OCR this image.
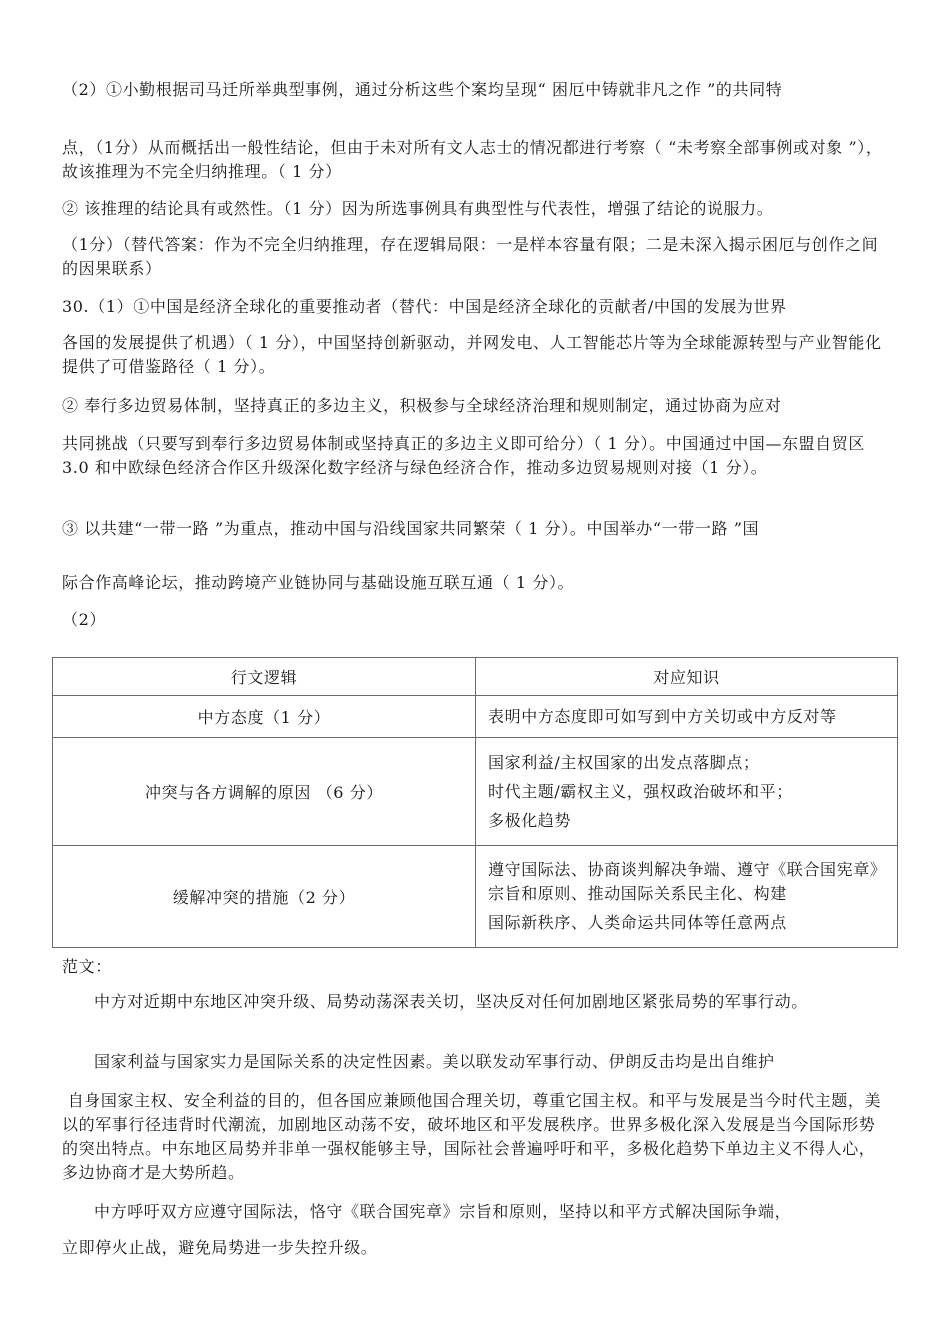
（2）①小勤根据司马迁所举典型事例，通过分析这些个案均呈现“ 困厄中铸就非凡之作 ”的共同特

点，（1分）从而概括出一般性结论，但由于未对所有文人志士的情况都进行考察（ “未考察全部事例或对象 ”），故该推理为不完全归纳推理。（ 1 分）

② 该推理的结论具有或然性。（1 分）因为所选事例具有典型性与代表性，增强了结论的说服力。

（1分）（替代答案：作为不完全归纳推理，存在逻辑局限：一是样本容量有限；二是未深入揭示困厄与创作之间的因果联系）

30.（1）①中国是经济全球化的重要推动者（替代：中国是经济全球化的贡献者/中国的发展为世界

各国的发展提供了机遇）（ 1 分），中国坚持创新驱动，并网发电、人工智能芯片等为全球能源转型与产业智能化提供了可借鉴路径（ 1 分）。

② 奉行多边贸易体制，坚持真正的多边主义，积极参与全球经济治理和规则制定，通过协商为应对

共同挑战（只要写到奉行多边贸易体制或坚持真正的多边主义即可给分）（ 1 分）。中国通过中国—东盟自贸区 3.0 和中欧绿色经济合作区升级深化数字经济与绿色经济合作，推动多边贸易规则对接（1 分）。

③ 以共建“一带一路 ”为重点，推动中国与沿线国家共同繁荣（ 1 分）。中国举办“一带一路 ”国

际合作高峰论坛，推动跨境产业链协同与基础设施互联互通（ 1 分）。

（2）

行文逻辑	对应知识
中方态度（1 分）	表明中方态度即可如写到中方关切或中方反对等

冲突与各方调解的原因 （6 分）	国家利益/主权国家的出发点落脚点；
时代主题/霸权主义，强权政治破坏和平；
多极化趋势

缓解冲突的措施（2 分）	遵守国际法、协商谈判解决争端、遵守《联合国宪章》宗旨和原则、推动国际关系民主化、构建
国际新秩序、人类命运共同体等任意两点

范文：

中方对近期中东地区冲突升级、局势动荡深表关切，坚决反对任何加剧地区紧张局势的军事行动。

国家利益与国家实力是国际关系的决定性因素。美以联发动军事行动、伊朗反击均是出自维护

自身国家主权、安全利益的目的，但各国应兼顾他国合理关切，尊重它国主权。和平与发展是当今时代主题，美以的军事行径违背时代潮流，加剧地区动荡不安，破坏地区和平发展秩序。世界多极化深入发展是当今国际形势的突出特点。中东地区局势并非单一强权能够主导，国际社会普遍呼吁和平，多极化趋势下单边主义不得人心，多边协商才是大势所趋。

中方呼吁双方应遵守国际法，恪守《联合国宪章》宗旨和原则，坚持以和平方式解决国际争端，

立即停火止战，避免局势进一步失控升级。
